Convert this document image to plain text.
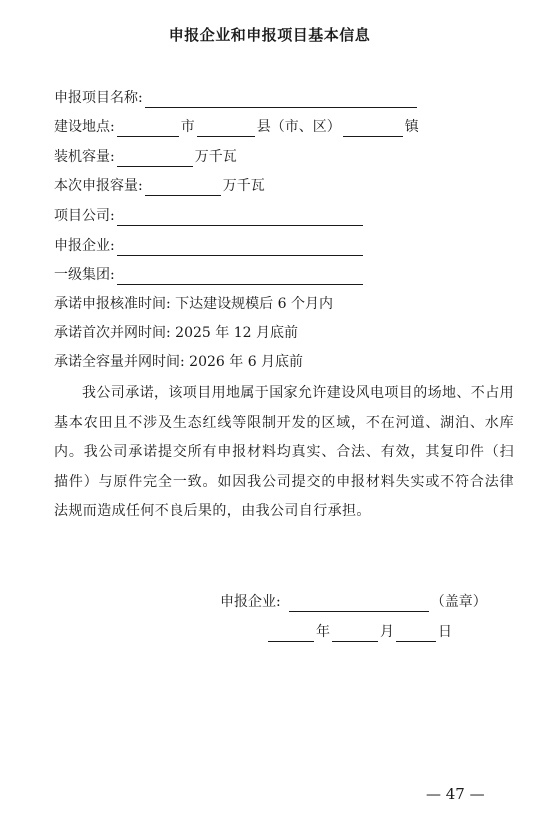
申报企业和申报项目基本信息
申报项目名称:
建设地点:	市	县（市、区）	镇
装机容量:	万千瓦
本次申报容量:	万千瓦
项目公司:
申报企业:
一级集团:
承诺申报核准时间: 下达建设规模后 6 个月内
承诺首次并网时间: 2025 年 12 月底前
承诺全容量并网时间: 2026 年 6 月底前
我公司承诺，该项目用地属于国家允许建设风电项目的场地、不占用基本农田且不涉及生态红线等限制开发的区域，不在河道、湖泊、水库内。我公司承诺提交所有申报材料均真实、合法、有效，其复印件（扫描件）与原件完全一致。如因我公司提交的申报材料失实或不符合法律法规而造成任何不良后果的，由我公司自行承担。
申报企业:	（盖章）
年	月	日
— 47 —
